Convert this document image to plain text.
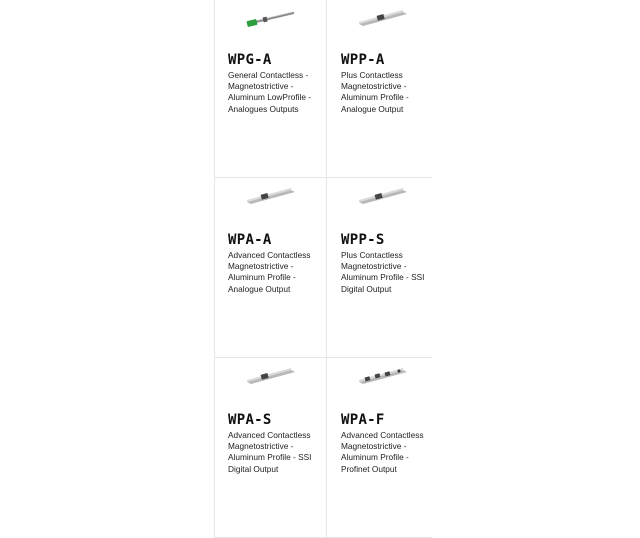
WPG-A
General Contactless - Magnetostrictive - Aluminum LowProfile - Analogues Outputs
WPP-A
Plus Contactless Magnetostrictive - Aluminum Profile - Analogue Output
WPA-A
Advanced Contactless Magnetostrictive - Aluminum Profile - Analogue Output
WPP-S
Plus Contactless Magnetostrictive - Aluminum Profile - SSI Digital Output
WPA-S
Advanced Contactless Magnetostrictive - Aluminum Profile - SSI Digital Output
WPA-F
Advanced Contactless Magnetostrictive - Aluminum Profile - Profinet Output
